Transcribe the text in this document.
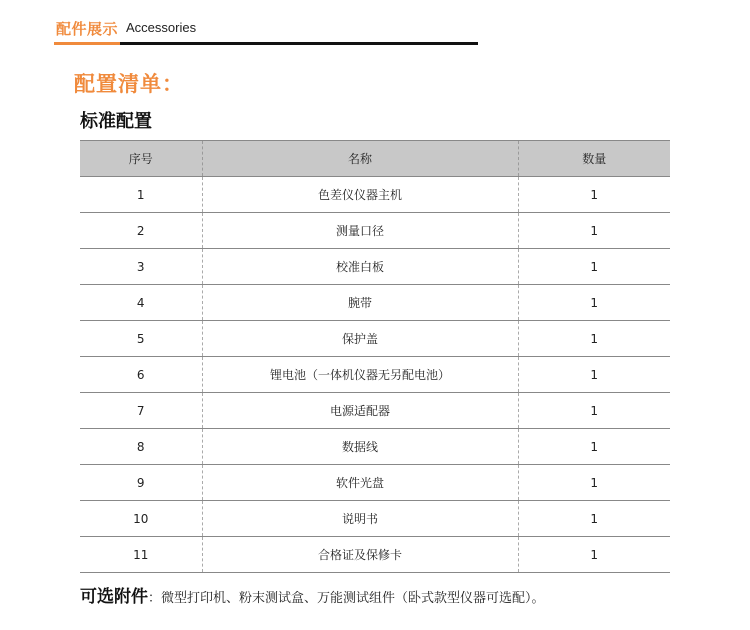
配件展示 Accessories
配置清单：
标准配置
序号	名称	数量
1	色差仪仪器主机	1
2	测量口径	1
3	校准白板	1
4	腕带	1
5	保护盖	1
6	锂电池（一体机仪器无另配电池）	1
7	电源适配器	1
8	数据线	1
9	软件光盘	1
10	说明书	1
11	合格证及保修卡	1
可选附件：微型打印机、粉末测试盒、万能测试组件（卧式款型仪器可选配）。
